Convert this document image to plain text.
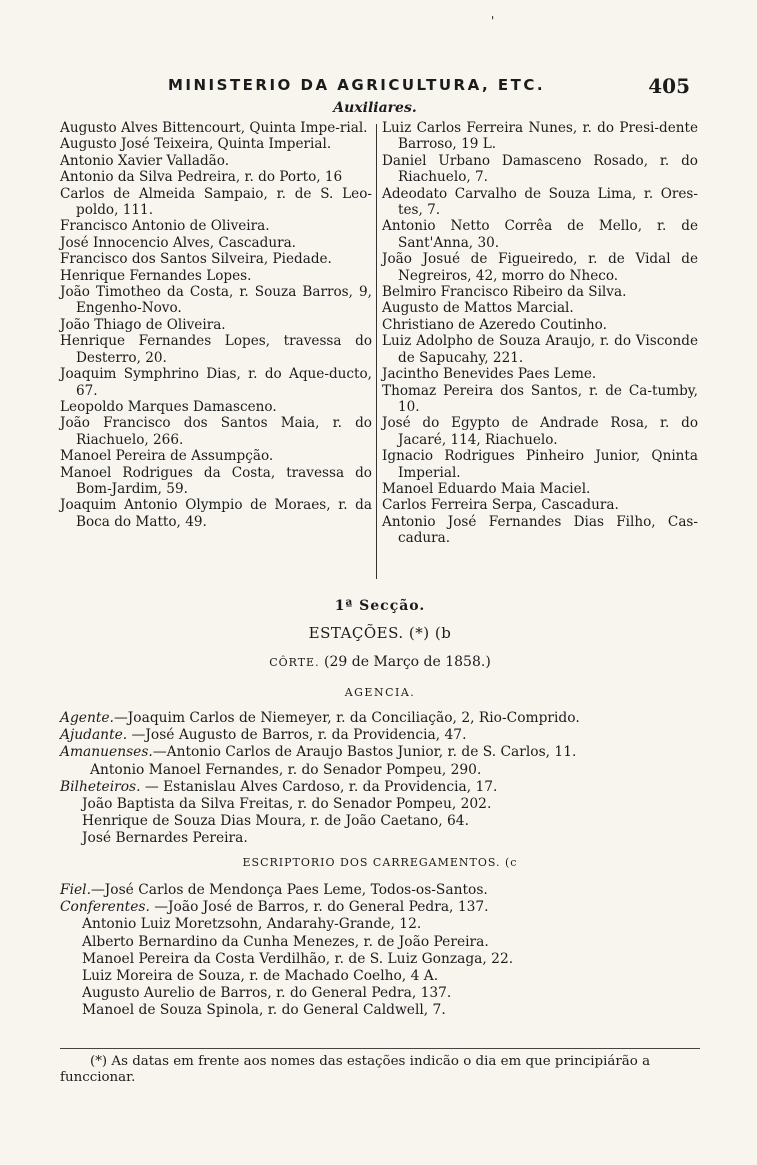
'
MINISTERIO DA AGRICULTURA, ETC.	405
Auxiliares.
Augusto Alves Bittencourt, Quinta Impe-rial.
Augusto José Teixeira, Quinta Imperial.
Antonio Xavier Valladão.
Antonio da Silva Pedreira, r. do Porto, 16
Carlos de Almeida Sampaio, r. de S. Leo-poldo, 111.
Francisco Antonio de Oliveira.
José Innocencio Alves, Cascadura.
Francisco dos Santos Silveira, Piedade.
Henrique Fernandes Lopes.
João Timotheo da Costa, r. Souza Barros, 9, Engenho-Novo.
João Thiago de Oliveira.
Henrique Fernandes Lopes, travessa do Desterro, 20.
Joaquim Symphrino Dias, r. do Aque-ducto, 67.
Leopoldo Marques Damasceno.
João Francisco dos Santos Maia, r. do Riachuelo, 266.
Manoel Pereira de Assumpção.
Manoel Rodrigues da Costa, travessa do Bom-Jardim, 59.
Joaquim Antonio Olympio de Moraes, r. da Boca do Matto, 49.
Luiz Carlos Ferreira Nunes, r. do Presi-dente Barroso, 19 L.
Daniel Urbano Damasceno Rosado, r. do Riachuelo, 7.
Adeodato Carvalho de Souza Lima, r. Ores-tes, 7.
Antonio Netto Corrêa de Mello, r. de Sant'Anna, 30.
João Josué de Figueiredo, r. de Vidal de Negreiros, 42, morro do Nheco.
Belmiro Francisco Ribeiro da Silva.
Augusto de Mattos Marcial.
Christiano de Azeredo Coutinho.
Luiz Adolpho de Souza Araujo, r. do Visconde de Sapucahy, 221.
Jacintho Benevides Paes Leme.
Thomaz Pereira dos Santos, r. de Ca-tumby, 10.
José do Egypto de Andrade Rosa, r. do Jacaré, 114, Riachuelo.
Ignacio Rodrigues Pinheiro Junior, Qninta Imperial.
Manoel Eduardo Maia Maciel.
Carlos Ferreira Serpa, Cascadura.
Antonio José Fernandes Dias Filho, Cas-cadura.
1ª Secção.
ESTAÇÕES. (*) (b
CÔRTE. (29 de Março de 1858.)
AGENCIA.
Agente.—Joaquim Carlos de Niemeyer, r. da Conciliação, 2, Rio-Comprido.
Ajudante. —José Augusto de Barros, r. da Providencia, 47.
Amanuenses.—Antonio Carlos de Araujo Bastos Junior, r. de S. Carlos, 11.
Antonio Manoel Fernandes, r. do Senador Pompeu, 290.
Bilheteiros. — Estanislau Alves Cardoso, r. da Providencia, 17.
João Baptista da Silva Freitas, r. do Senador Pompeu, 202.
Henrique de Souza Dias Moura, r. de João Caetano, 64.
José Bernardes Pereira.
ESCRIPTORIO DOS CARREGAMENTOS. (c
Fiel.—José Carlos de Mendonça Paes Leme, Todos-os-Santos.
Conferentes. —João José de Barros, r. do General Pedra, 137.
Antonio Luiz Moretzsohn, Andarahy-Grande, 12.
Alberto Bernardino da Cunha Menezes, r. de João Pereira.
Manoel Pereira da Costa Verdilhão, r. de S. Luiz Gonzaga, 22.
Luiz Moreira de Souza, r. de Machado Coelho, 4 A.
Augusto Aurelio de Barros, r. do General Pedra, 137.
Manoel de Souza Spinola, r. do General Caldwell, 7.
(*) As datas em frente aos nomes das estações indicão o dia em que principiárão a funccionar.
